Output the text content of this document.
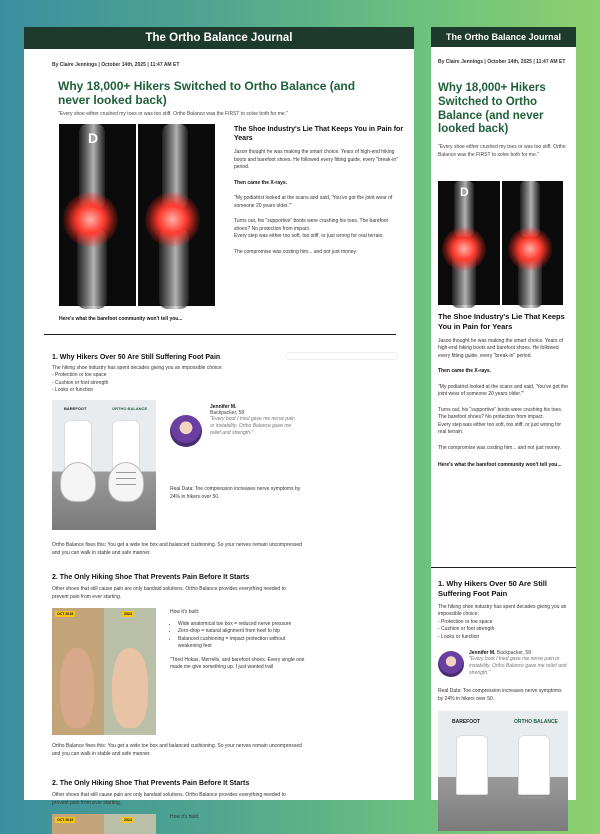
The Ortho Balance Journal
By Claire Jennings | October 14th, 2025 | 11:47 AM ET
Why 18,000+ Hikers Switched to Ortho Balance (and never looked back)
"Every shoe either crushed my toes or was too stiff. Ortho Balance was the FIRST to solve both for me."
D
The Shoe Industry's Lie That Keeps You in Pain for Years
Jason thought he was making the smart choice. Years of high-end hiking boots and barefoot shoes. He followed every fitting guide, every "break-in" period.
Then came the X-rays.
"My podiatrist looked at the scans and said, 'You've got the joint wear of someone 20 years older.'"
Turns out, his "supportive" boots were crushing his toes. The barefoot shoes? No protection from impact.
Every step was either too soft, too stiff, or just wrong for real terrain.
The compromise was costing him... and not just money.
Here's what the barefoot community won't tell you...
1. Why Hikers Over 50 Are Still Suffering Foot Pain
The hiking shoe industry has spent decades giving you an impossible choice:
- Protection or toe space
- Cushion or foot strength
- Looks or function
BAREFOOT	ORTHO BALANCE	Jennifer M.
Backpacker, 58
"Every boot I tried gave me nerve pain or instability. Ortho Balance gave me relief and strength."
Real Data: Toe compression increases nerve symptoms by 24% in hikers over 50.
Ortho Balance fixes this: You get a wide toe box and balanced cushioning. So your nerves remain uncompressed and you can walk in stable and safe manner.
2. The Only Hiking Shoe That Prevents Pain Before It Starts
Other shoes that still cause pain are only bandaid solutions. Ortho Balance provides everything needed to prevent pain from ever starting.
OCT 2019	2024	How it's built:
• Wide anatomical toe box = reduced nerve pressure
• Zero-drop = natural alignment from heel to hip
• Balanced cushioning = impact protection without weakening feet
"Tried Hokas, Merrells, and barefoot shoes. Every single one made me give something up. I just wanted trail
Ortho Balance fixes this: You get a wide toe box and balanced cushioning. So your nerves remain uncompressed and you can walk in stable and safe manner.
2. The Only Hiking Shoe That Prevents Pain Before It Starts
Other shoes that still cause pain are only bandaid solutions. Ortho Balance provides everything needed to prevent pain from ever starting.
OCT 2019	2024	How it's built:
The Ortho Balance Journal
By Claire Jennings | October 14th, 2025 | 11:47 AM ET
Why 18,000+ Hikers Switched to Ortho Balance (and never looked back)
"Every shoe either crushed my toes or was too stiff. Ortho Balance was the FIRST to solve both for me."
D
The Shoe Industry's Lie That Keeps You in Pain for Years
Jason thought he was making the smart choice. Years of high-end hiking boots and barefoot shoes. He followed every fitting guide, every "break-in" period.
Then came the X-rays.
"My podiatrist looked at the scans and said, 'You've got the joint wear of someone 20 years older.'"
Turns out, his "supportive" boots were crushing his toes. The barefoot shoes? No protection from impact.
Every step was either too soft, too stiff, or just wrong for real terrain.
The compromise was costing him... and not just money.
Here's what the barefoot community won't tell you...
1. Why Hikers Over 50 Are Still Suffering Foot Pain
The hiking shoe industry has spent decades giving you an impossible choice:
- Protection or toe space
- Cushion or foot strength
- Looks or function
Jennifer M. Backpacker, 58
"Every boot I tried gave me nerve pain or instability. Ortho Balance gave me relief and strength."
Real Data: Toe compression increases nerve symptoms by 24% in hikers over 50.
BAREFOOT	ORTHO BALANCE
